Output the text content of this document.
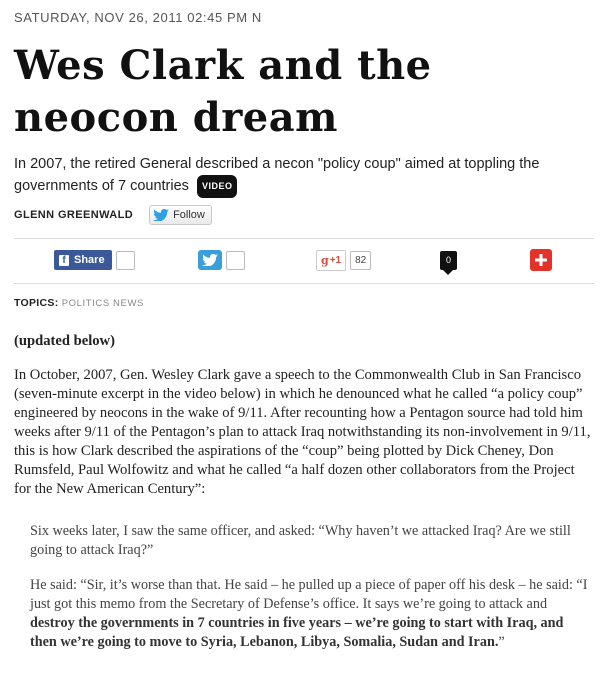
SATURDAY, NOV 26, 2011 02:45 PM N
Wes Clark and the neocon dream
In 2007, the retired General described a necon "policy coup" aimed at toppling the governments of 7 countries VIDEO
GLENN GREENWALD	Follow
f Share	g +1	82	0
TOPICS: POLITICS NEWS

(updated below)

In October, 2007, Gen. Wesley Clark gave a speech to the Commonwealth Club in San Francisco (seven-minute excerpt in the video below) in which he denounced what he called “a policy coup” engineered by neocons in the wake of 9/11. After recounting how a Pentagon source had told him weeks after 9/11 of the Pentagon’s plan to attack Iraq notwithstanding its non-involvement in 9/11, this is how Clark described the aspirations of the “coup” being plotted by Dick Cheney, Don Rumsfeld, Paul Wolfowitz and what he called “a half dozen other collaborators from the Project for the New American Century”:

Six weeks later, I saw the same officer, and asked: “Why haven’t we attacked Iraq? Are we still going to attack Iraq?”

He said: “Sir, it’s worse than that. He said – he pulled up a piece of paper off his desk – he said: “I just got this memo from the Secretary of Defense’s office. It says we’re going to attack and destroy the governments in 7 countries in five years – we’re going to start with Iraq, and then we’re going to move to Syria, Lebanon, Libya, Somalia, Sudan and Iran.”
